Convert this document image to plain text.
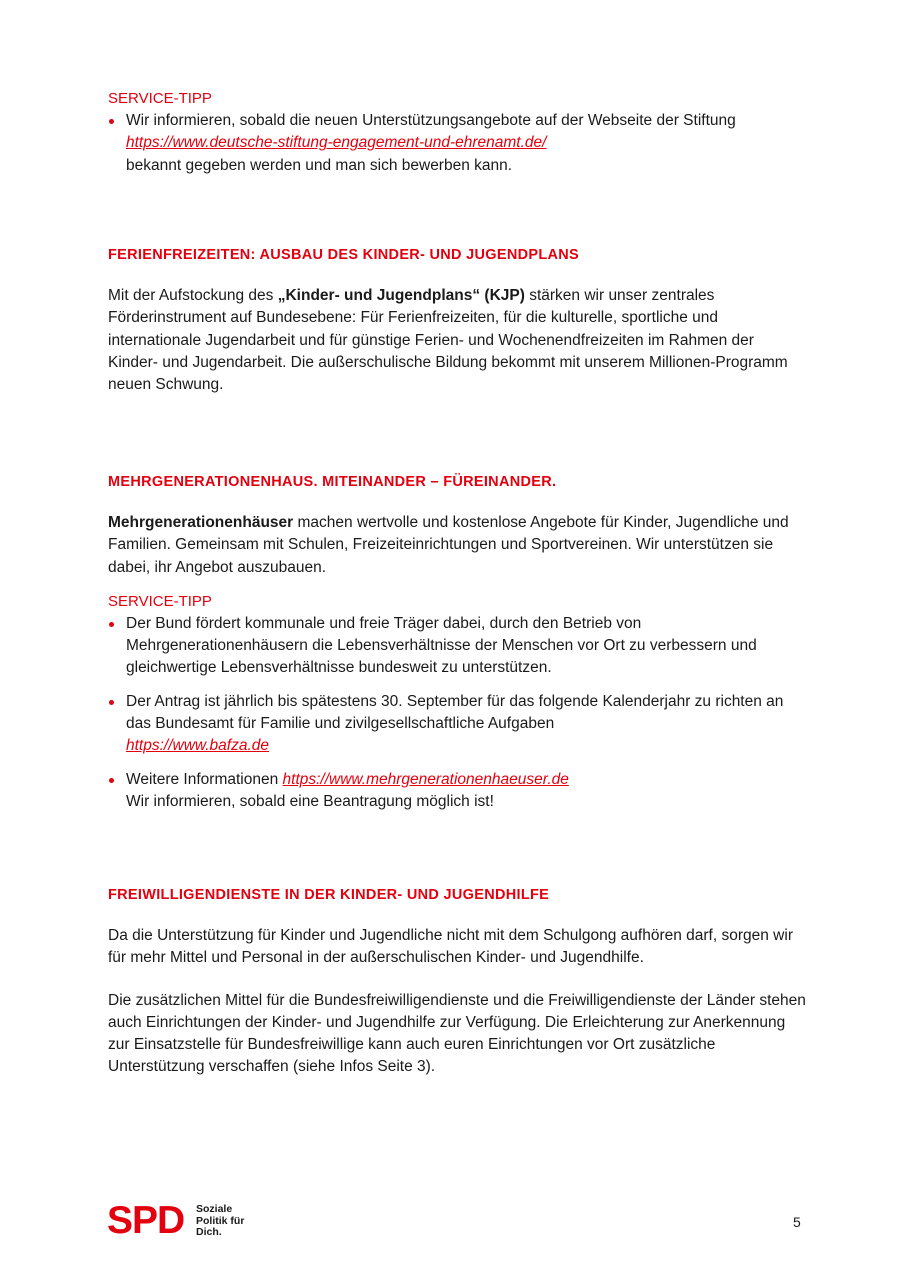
SERVICE-TIPP
Wir informieren, sobald die neuen Unterstützungsangebote auf der Webseite der Stiftung
https://www.deutsche-stiftung-engagement-und-ehrenamt.de/
bekannt gegeben werden und man sich bewerben kann.
FERIENFREIZEITEN: AUSBAU DES KINDER- UND JUGENDPLANS

Mit der Aufstockung des „Kinder- und Jugendplans“ (KJP) stärken wir unser zentrales Förderinstrument auf Bundesebene: Für Ferienfreizeiten, für die kulturelle, sportliche und internationale Jugendarbeit und für günstige Ferien- und Wochenendfreizeiten im Rahmen der Kinder- und Jugendarbeit. Die außerschulische Bildung bekommt mit unserem Millionen-Programm neuen Schwung.

MEHRGENERATIONENHAUS. MITEINANDER – FÜREINANDER.

Mehrgenerationenhäuser machen wertvolle und kostenlose Angebote für Kinder, Jugendliche und Familien. Gemeinsam mit Schulen, Freizeiteinrichtungen und Sportvereinen. Wir unterstützen sie dabei, ihr Angebot auszubauen.

SERVICE-TIPP
Der Bund fördert kommunale und freie Träger dabei, durch den Betrieb von Mehrgenerationenhäusern die Lebensverhältnisse der Menschen vor Ort zu verbessern und gleichwertige Lebensverhältnisse bundesweit zu unterstützen.
Der Antrag ist jährlich bis spätestens 30. September für das folgende Kalenderjahr zu richten an das Bundesamt für Familie und zivilgesellschaftliche Aufgaben
https://www.bafza.de
Weitere Informationen https://www.mehrgenerationenhaeuser.de
Wir informieren, sobald eine Beantragung möglich ist!
FREIWILLIGENDIENSTE IN DER KINDER- UND JUGENDHILFE

Da die Unterstützung für Kinder und Jugendliche nicht mit dem Schulgong aufhören darf, sorgen wir für mehr Mittel und Personal in der außerschulischen Kinder- und Jugendhilfe.

Die zusätzlichen Mittel für die Bundesfreiwilligendienste und die Freiwilligendienste der Länder stehen auch Einrichtungen der Kinder- und Jugendhilfe zur Verfügung. Die Erleichterung zur Anerkennung zur Einsatzstelle für Bundesfreiwillige kann auch euren Einrichtungen vor Ort zusätzliche Unterstützung verschaffen (siehe Infos Seite 3).

SPD Soziale
Politik für
Dich.
5
